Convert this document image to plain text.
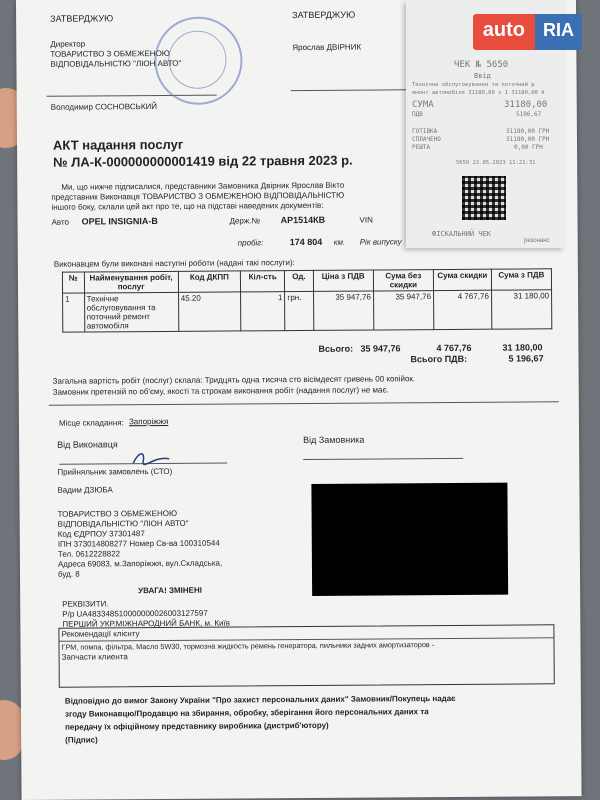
ЗАТВЕРДЖУЮ
Директор
ТОВАРИСТВО З ОБМЕЖЕНОЮ
ВІДПОВІДАЛЬНІСТЮ "ЛІОН АВТО"
Володимир СОСНОВСЬКИЙ
ЗАТВЕРДЖУЮ
Ярослав ДВІРНИК
АКТ надання послуг
№ ЛА-К-000000000001419 від 22 травня 2023 р.
Ми, що нижче підписалися, представники Замовника Двірник Ярослав Вікто
представник Виконавця ТОВАРИСТВО З ОБМЕЖЕНОЮ ВІДПОВІДАЛЬНІСТЮ
іншого боку, склали цей акт про те, що на підставі наведених документів:
Авто OPEL INSIGNIA-B	Держ.№ АР1514КВ	VIN
пробіг:	174 804 км. Рік випуску
Виконавцем були виконані наступні роботи (надані такі послуги):
№	Найменування робіт, послуг	Код ДКПП	Кіл-сть	Од.	Ціна з ПДВ	Сума без скидки	Сума скидки	Сума з ПДВ
1	Технічне обслуговування та поточний ремонт автомобіля	45.20	1	грн.	35 947,76	35 947,76	4 767,76	31 180,00
Всього: 35 947,76	4 767,76	31 180,00
Всього ПДВ:	5 196,67
Загальна вартість робіт (послуг) склала: Тридцять одна тисяча сто вісімдесят гривень 00 копійок.
Замовник претензій по об'єму, якості та строкам виконання робіт (надання послуг) не має.
Місце складання: Запоріжжя
Від Виконавця	Від Замовника
Прийняльник замовлень (СТО)
Вадим ДЗЮБА
ТОВАРИСТВО З ОБМЕЖЕНОЮ
ВІДПОВІДАЛЬНІСТЮ "ЛІОН АВТО"
Код ЄДРПОУ 37301487
ІПН 373014808277 Номер Св-ва 100310544
Тел. 0612228822
Адреса 69083, м.Запоріжжя, вул.Складська,
буд. 8
УВАГА! ЗМІНЕНІ
РЕКВІЗИТИ.
Р/р UA483348510000000026003127597
ПЕРШИЙ УКР.МІЖНАРОДНИЙ БАНК, м. Київ
Рекомендації клієнту
ГРМ, помпа, фільтра, Масло 5W30, тормозна жидкость ремень генератора, пильники задних амортизаторов -
Запчасти клиента
Відповідно до вимог Закону України "Про захист персональних даних" Замовник/Покупець надає
згоду Виконавцю/Продавцю на збирання, обробку, зберігання його персональних даних та
передачу їх офіційному представнику виробника (дистриб'ютору)
(Підпис)
ЧЕК № 5650
Ввід
Технічне обслуговування та поточний р
емонт автомобіля 31180,00 х 1 31180,00 А
СУМА	31180,00
ПДВ	5196,67
ГОТІВКА	31180,00 ГРН
СПЛАЧЕНО	31180,00 ГРН
РЕШТА	0,00 ГРН
5650 22.05.2023 11:21:31
ФІСКАЛЬНИЙ ЧЕК
резонанс
auto	RIA
